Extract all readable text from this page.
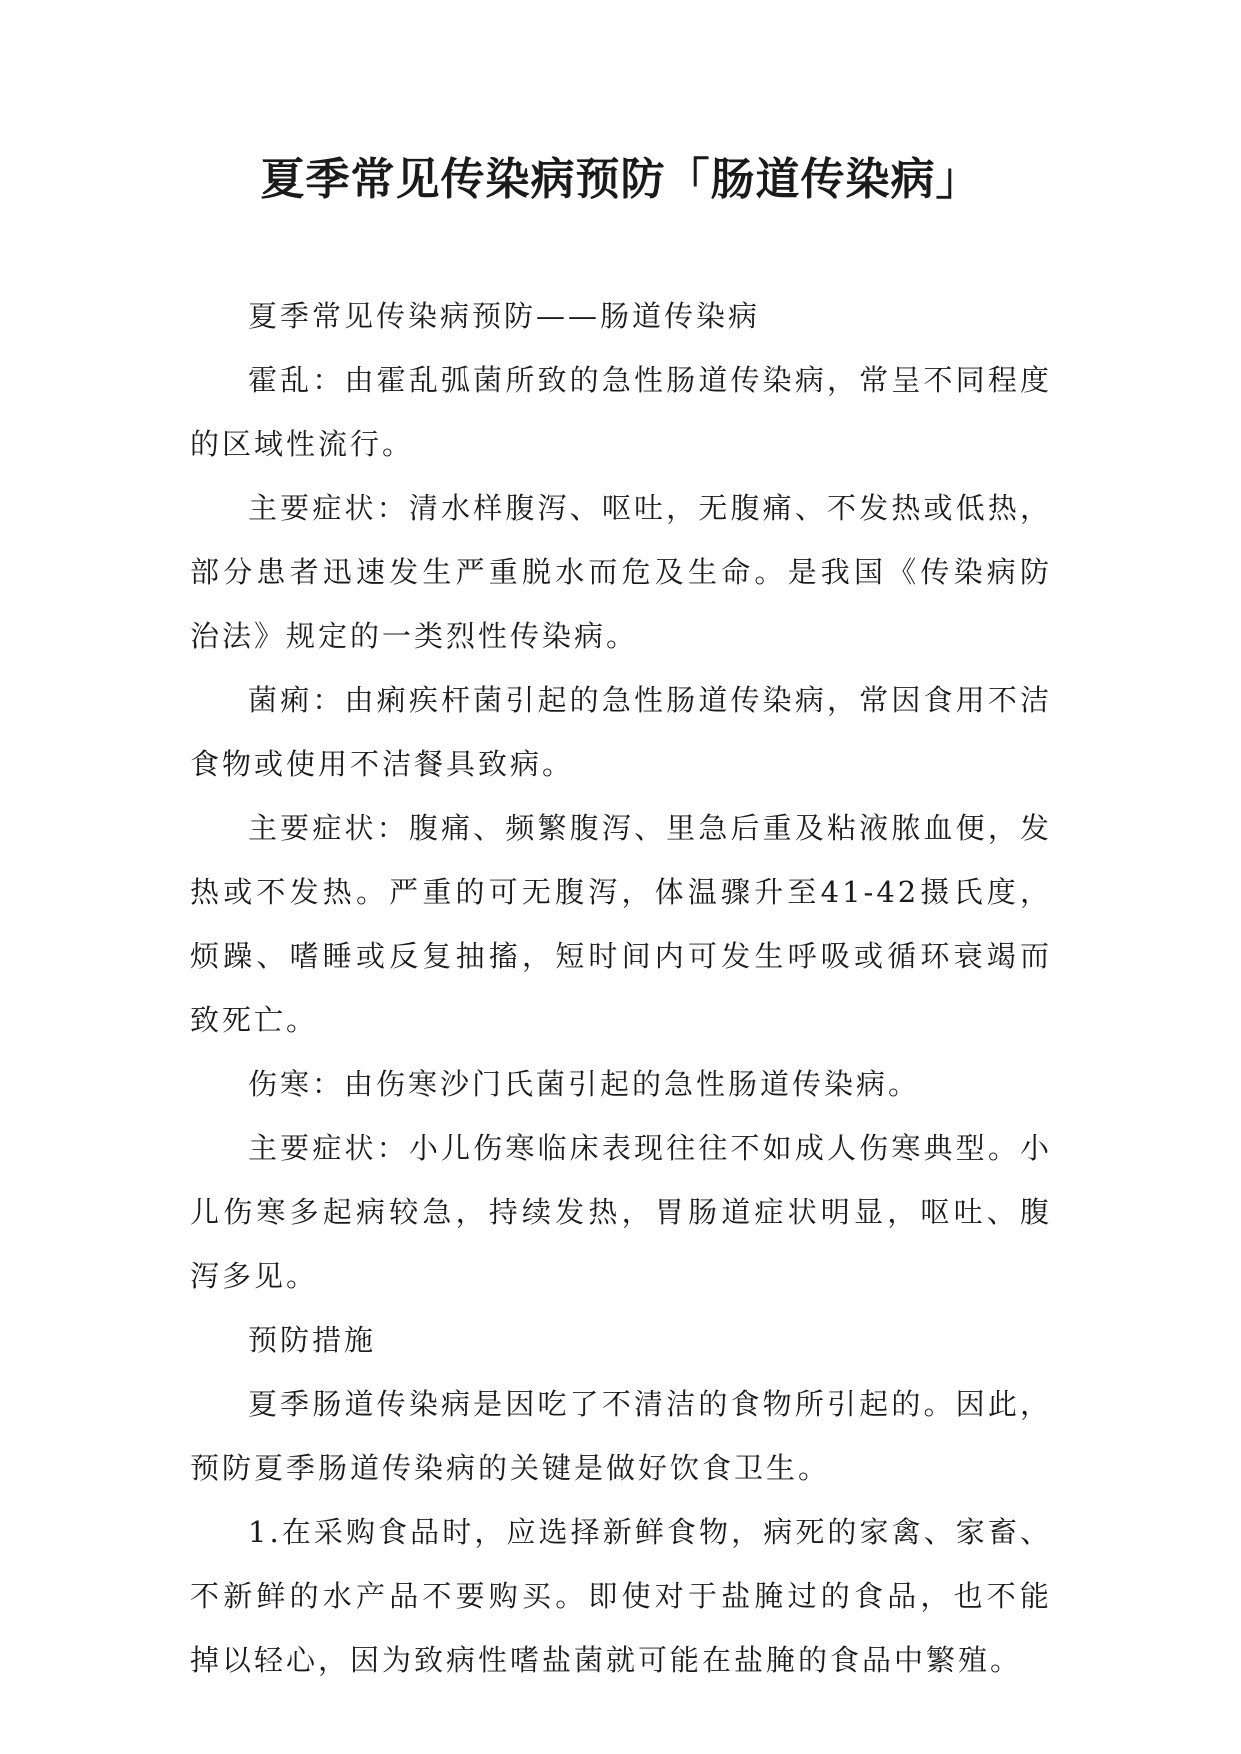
夏季常见传染病预防「肠道传染病」

夏季常见传染病预防——肠道传染病

霍乱：由霍乱弧菌所致的急性肠道传染病，常呈不同程度的区域性流行。

主要症状：清水样腹泻、呕吐，无腹痛、不发热或低热，部分患者迅速发生严重脱水而危及生命。是我国《传染病防治法》规定的一类烈性传染病。

菌痢：由痢疾杆菌引起的急性肠道传染病，常因食用不洁食物或使用不洁餐具致病。

主要症状：腹痛、频繁腹泻、里急后重及粘液脓血便，发热或不发热。严重的可无腹泻，体温骤升至41-42摄氏度，烦躁、嗜睡或反复抽搐，短时间内可发生呼吸或循环衰竭而致死亡。

伤寒：由伤寒沙门氏菌引起的急性肠道传染病。

主要症状：小儿伤寒临床表现往往不如成人伤寒典型。小儿伤寒多起病较急，持续发热，胃肠道症状明显，呕吐、腹泻多见。

预防措施

夏季肠道传染病是因吃了不清洁的食物所引起的。因此，预防夏季肠道传染病的关键是做好饮食卫生。

1.在采购食品时，应选择新鲜食物，病死的家禽、家畜、不新鲜的水产品不要购买。即使对于盐腌过的食品，也不能掉以轻心，因为致病性嗜盐菌就可能在盐腌的食品中繁殖。
